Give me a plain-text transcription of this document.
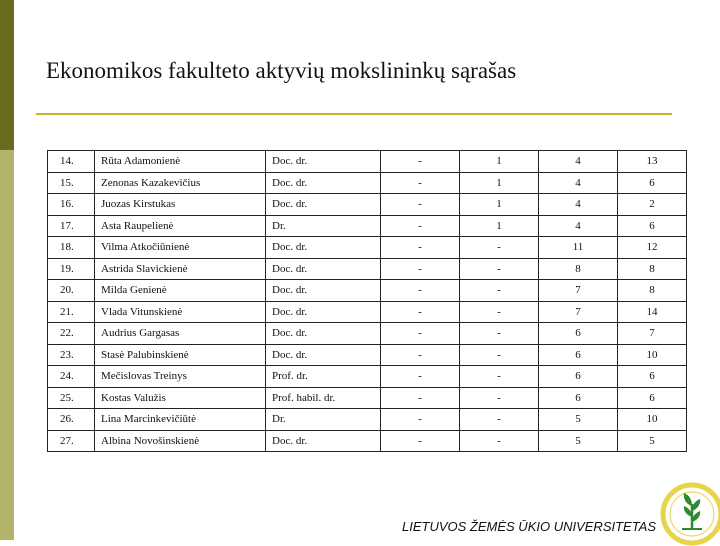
Ekonomikos fakulteto aktyvių mokslininkų sąrašas
14.	Rūta Adamonienė	Doc. dr.	-	1	4	13
15.	Zenonas Kazakevičius	Doc. dr.	-	1	4	6
16.	Juozas Kirstukas	Doc. dr.	-	1	4	2
17.	Asta Raupelienė	Dr.	-	1	4	6
18.	Vilma Atkočiūnienė	Doc. dr.	-	-	11	12
19.	Astrida Slavickienė	Doc. dr.	-	-	8	8
20.	Milda Genienė	Doc. dr.	-	-	7	8
21.	Vlada Vitunskienė	Doc. dr.	-	-	7	14
22.	Audrius Gargasas	Doc. dr.	-	-	6	7
23.	Stasė Palubinskienė	Doc. dr.	-	-	6	10
24.	Mečislovas Treinys	Prof. dr.	-	-	6	6
25.	Kostas Valužis	Prof. habil. dr.	-	-	6	6
26.	Lina Marcinkevičiūtė	Dr.	-	-	5	10
27.	Albina Novošinskienė	Doc. dr.	-	-	5	5
LIETUVOS ŽEMĖS ŪKIO UNIVERSITETAS
